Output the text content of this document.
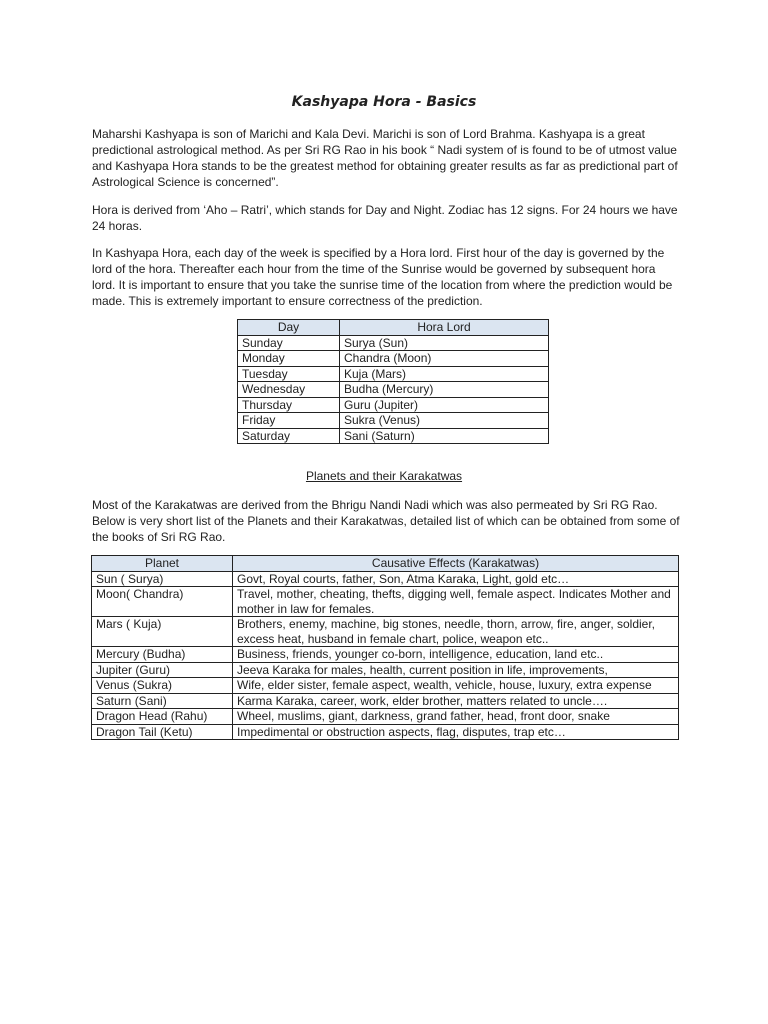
Kashyapa Hora - Basics

Maharshi Kashyapa is son of Marichi and Kala Devi. Marichi is son of Lord Brahma. Kashyapa is a great predictional astrological method. As per Sri RG Rao in his book “ Nadi system of is found to be of utmost value and Kashyapa Hora stands to be the greatest method for obtaining greater results as far as predictional part of Astrological Science is concerned”.

Hora is derived from ‘Aho – Ratri’, which stands for Day and Night. Zodiac has 12 signs. For 24 hours we have 24 horas.

In Kashyapa Hora, each day of the week is specified by a Hora lord. First hour of the day is governed by the lord of the hora. Thereafter each hour from the time of the Sunrise would be governed by subsequent hora lord. It is important to ensure that you take the sunrise time of the location from where the prediction would be made. This is extremely important to ensure correctness of the prediction.

Day	Hora Lord
Sunday	Surya (Sun)
Monday	Chandra (Moon)
Tuesday	Kuja (Mars)
Wednesday	Budha (Mercury)
Thursday	Guru (Jupiter)
Friday	Sukra (Venus)
Saturday	Sani (Saturn)
Planets and their Karakatwas

Most of the Karakatwas are derived from the Bhrigu Nandi Nadi which was also permeated by Sri RG Rao. Below is very short list of the Planets and their Karakatwas, detailed list of which can be obtained from some of the books of Sri RG Rao.

Planet	Causative Effects (Karakatwas)
Sun ( Surya)	Govt, Royal courts, father, Son, Atma Karaka, Light, gold etc…
Moon( Chandra)	Travel, mother, cheating, thefts, digging well, female aspect. Indicates Mother and mother in law for females.
Mars ( Kuja)	Brothers, enemy, machine, big stones, needle, thorn, arrow, fire, anger, soldier, excess heat, husband in female chart, police, weapon etc..
Mercury (Budha)	Business, friends, younger co-born, intelligence, education, land etc..
Jupiter (Guru)	Jeeva Karaka for males, health, current position in life, improvements,
Venus (Sukra)	Wife, elder sister, female aspect, wealth, vehicle, house, luxury, extra expense
Saturn (Sani)	Karma Karaka, career, work, elder brother, matters related to uncle….
Dragon Head (Rahu)	Wheel, muslims, giant, darkness, grand father, head, front door, snake
Dragon Tail (Ketu)	Impedimental or obstruction aspects, flag, disputes, trap etc…
